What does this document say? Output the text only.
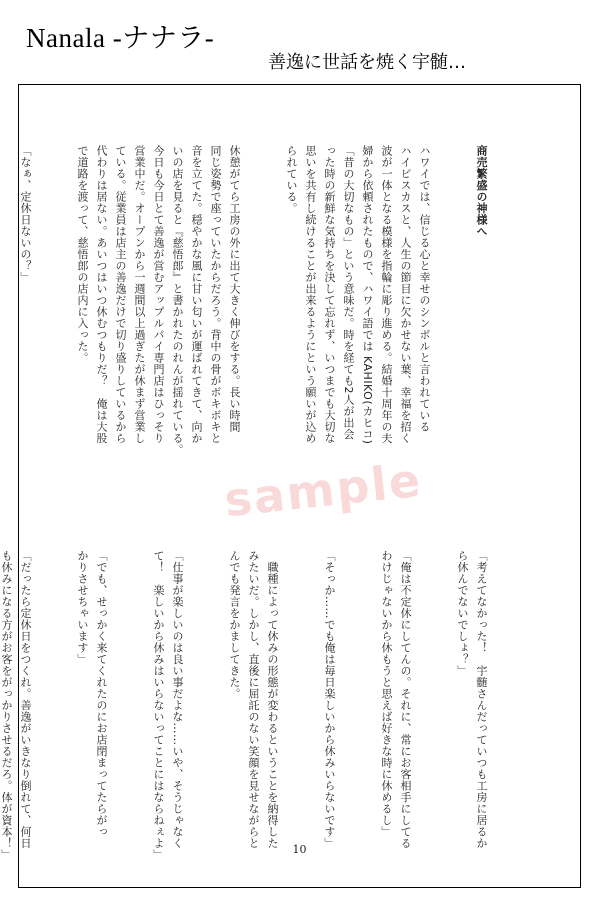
Nanala -ナナラ-
善逸に世話を焼く宇髄…

商売繁盛の神様へ

ハワイでは、信じる心と幸せのシンボルと言われている
ハイビスカスと、人生の節目に欠かせない葉、幸福を招く
波が一体となる模様を指輪に彫り進める。結婚十周年の夫
婦から依頼されたもので、ハワイ語では KAHIKO(カヒコ)
「昔の大切なもの」という意味だ。時を経ても2人が出会
った時の新鮮な気持ちを決して忘れず、いつまでも大切な
思いを共有し続けることが出来るようにという願いが込め
られている。

休憩がてら工房の外に出て大きく伸びをする。長い時間
同じ姿勢で座っていたからだろう。背中の骨がボキボキと
音を立てた。穏やかな風に甘い匂いが運ばれてきて、向か
いの店を見ると『慈悟郎』と書かれたのれんが揺れている。
今日も今日とて善逸が営むアップルパイ専門店はひっそり
営業中だ。オープンから一週間以上過ぎたが休まず営業し
ている。従業員は店主の善逸だけで切り盛りしているから
代わりは居ない。あいつはいつ休むつもりだ？　俺は大股
で道路を渡って、慈悟郎の店内に入った。

「なぁ、定休日ないの？」

「考えてなかった！　宇髄さんだっていつも工房に居るか
ら休んでないでしょ？」

「俺は不定休にしてんの。それに、常にお客相手にしてる
わけじゃないから休もうと思えば好きな時に休めるし」

「そっか……でも俺は毎日楽しいから休みいらないです」

　職種によって休みの形態が変わるということを納得した
みたいだ。しかし、直後に屈託のない笑顔を見せながらと
んでも発言をかましてきた。

「仕事が楽しいのは良い事だよな……いや、そうじゃなく
て！　楽しいから休みはいらないってことにはならねぇよ」

「でも、せっかく来てくれたのにお店閉まってたらがっ
かりさせちゃいます」

「だったら定休日をつくれ。善逸がいきなり倒れて、何日
も休みになる方がお客をがっかりさせるだろ。体が資本！」

sample
10
